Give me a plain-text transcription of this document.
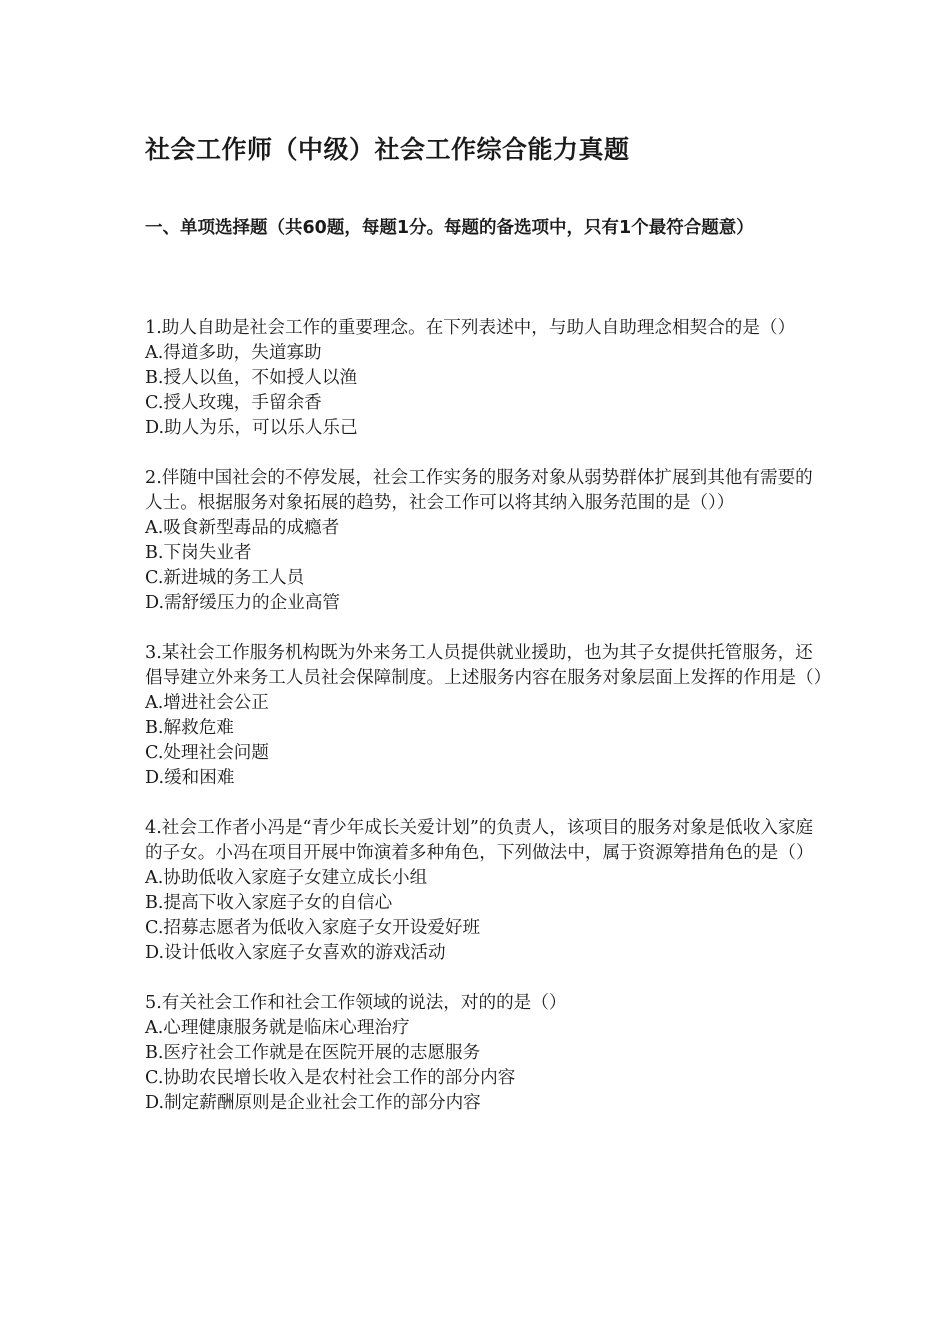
社会工作师（中级）社会工作综合能力真题
一、单项选择题（共60题，每题1分。每题的备选项中，只有1个最符合题意）

1.助人自助是社会工作的重要理念。在下列表述中，与助人自助理念相契合的是（）

A.得道多助，失道寡助

B.授人以鱼，不如授人以渔

C.授人玫瑰，手留余香

D.助人为乐，可以乐人乐己

2.伴随中国社会的不停发展，社会工作实务的服务对象从弱势群体扩展到其他有需要的人士。根据服务对象拓展的趋势，社会工作可以将其纳入服务范围的是（））

A.吸食新型毒品的成瘾者

B.下岗失业者

C.新进城的务工人员

D.需舒缓压力的企业高管

3.某社会工作服务机构既为外来务工人员提供就业援助，也为其子女提供托管服务，还倡导建立外来务工人员社会保障制度。上述服务内容在服务对象层面上发挥的作用是（）

A.增进社会公正

B.解救危难

C.处理社会问题

D.缓和困难

4.社会工作者小冯是“青少年成长关爱计划”的负责人，该项目的服务对象是低收入家庭的子女。小冯在项目开展中饰演着多种角色，下列做法中，属于资源筹措角色的是（）

A.协助低收入家庭子女建立成长小组

B.提高下收入家庭子女的自信心

C.招募志愿者为低收入家庭子女开设爱好班

D.设计低收入家庭子女喜欢的游戏活动

5.有关社会工作和社会工作领域的说法，对的的是（）

A.心理健康服务就是临床心理治疗

B.医疗社会工作就是在医院开展的志愿服务

C.协助农民增长收入是农村社会工作的部分内容

D.制定薪酬原则是企业社会工作的部分内容
